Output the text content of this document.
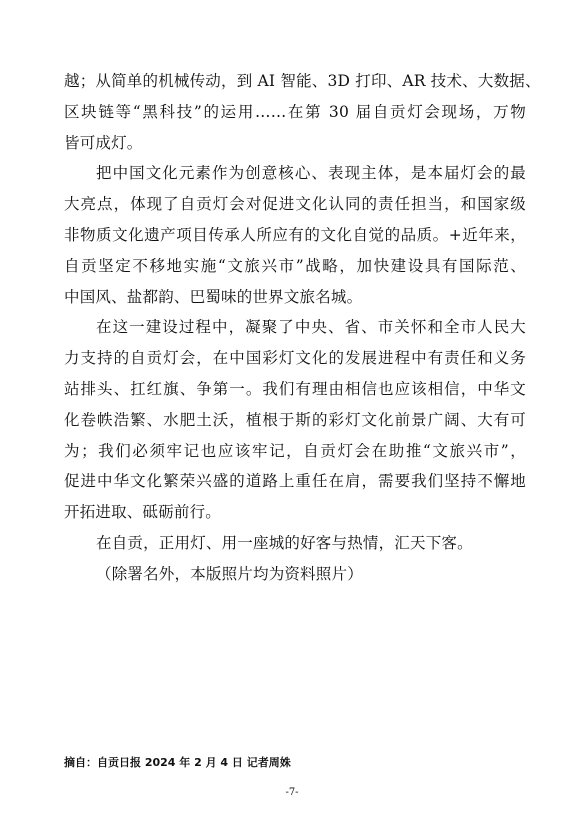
越；从简单的机械传动，到 AI 智能、3D 打印、AR 技术、大数据、
区块链等“黑科技”的运用……在第 30 届自贡灯会现场，万物
皆可成灯。
把中国文化元素作为创意核心、表现主体，是本届灯会的最
大亮点，体现了自贡灯会对促进文化认同的责任担当，和国家级
非物质文化遗产项目传承人所应有的文化自觉的品质。+近年来，
自贡坚定不移地实施“文旅兴市”战略，加快建设具有国际范、
中国风、盐都韵、巴蜀味的世界文旅名城。
在这一建设过程中，凝聚了中央、省、市关怀和全市人民大
力支持的自贡灯会，在中国彩灯文化的发展进程中有责任和义务
站排头、扛红旗、争第一。我们有理由相信也应该相信，中华文
化卷帙浩繁、水肥土沃，植根于斯的彩灯文化前景广阔、大有可
为；我们必须牢记也应该牢记，自贡灯会在助推“文旅兴市”，
促进中华文化繁荣兴盛的道路上重任在肩，需要我们坚持不懈地
开拓进取、砥砺前行。
在自贡，正用灯、用一座城的好客与热情，汇天下客。
（除署名外，本版照片均为资料照片）
摘自：自贡日报 2024 年 2 月 4 日 记者周姝
-7-
